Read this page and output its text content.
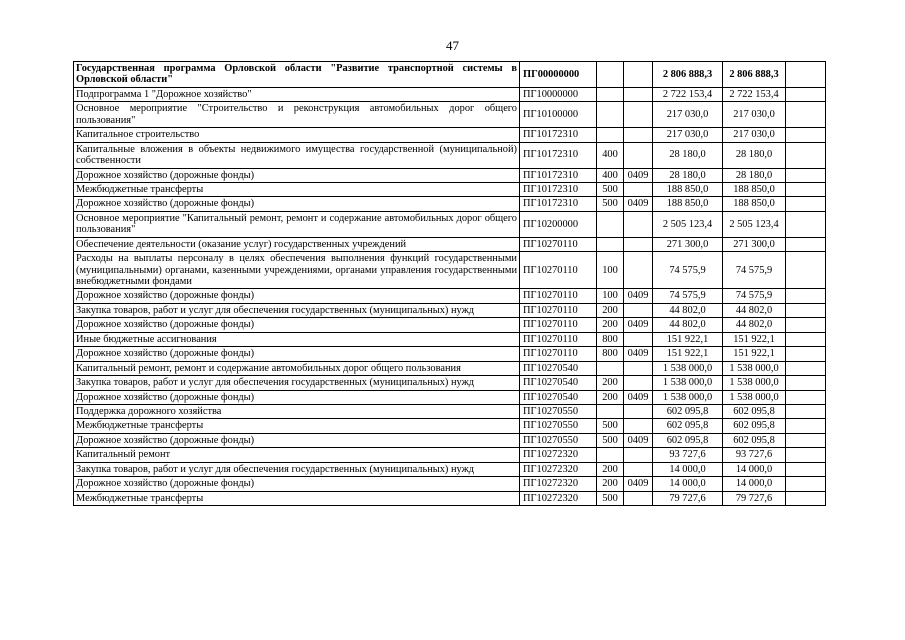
47
Государственная программа Орловской области "Развитие транспортной системы в Орловской области"	ПГ00000000			2 806 888,3	2 806 888,3	
Подпрограмма 1 "Дорожное хозяйство"	ПГ10000000			2 722 153,4	2 722 153,4	
Основное мероприятие "Строительство и реконструкция автомобильных дорог общего пользования"	ПГ10100000			217 030,0	217 030,0	
Капитальное строительство	ПГ10172310			217 030,0	217 030,0	
Капитальные вложения в объекты недвижимого имущества государственной (муниципальной) собственности	ПГ10172310	400		28 180,0	28 180,0	
Дорожное хозяйство (дорожные фонды)	ПГ10172310	400	0409	28 180,0	28 180,0	
Межбюджетные трансферты	ПГ10172310	500		188 850,0	188 850,0	
Дорожное хозяйство (дорожные фонды)	ПГ10172310	500	0409	188 850,0	188 850,0	
Основное мероприятие "Капитальный ремонт, ремонт и содержание автомобильных дорог общего пользования"	ПГ10200000			2 505 123,4	2 505 123,4	
Обеспечение деятельности (оказание услуг) государственных учреждений	ПГ10270110			271 300,0	271 300,0	
Расходы на выплаты персоналу в целях обеспечения выполнения функций государственными (муниципальными) органами, казенными учреждениями, органами управления государственными внебюджетными фондами	ПГ10270110	100		74 575,9	74 575,9	
Дорожное хозяйство (дорожные фонды)	ПГ10270110	100	0409	74 575,9	74 575,9	
Закупка товаров, работ и услуг для обеспечения государственных (муниципальных) нужд	ПГ10270110	200		44 802,0	44 802,0	
Дорожное хозяйство (дорожные фонды)	ПГ10270110	200	0409	44 802,0	44 802,0	
Иные бюджетные ассигнования	ПГ10270110	800		151 922,1	151 922,1	
Дорожное хозяйство (дорожные фонды)	ПГ10270110	800	0409	151 922,1	151 922,1	
Капитальный ремонт, ремонт и содержание автомобильных дорог общего пользования	ПГ10270540			1 538 000,0	1 538 000,0	
Закупка товаров, работ и услуг для обеспечения государственных (муниципальных) нужд	ПГ10270540	200		1 538 000,0	1 538 000,0	
Дорожное хозяйство (дорожные фонды)	ПГ10270540	200	0409	1 538 000,0	1 538 000,0	
Поддержка дорожного хозяйства	ПГ10270550			602 095,8	602 095,8	
Межбюджетные трансферты	ПГ10270550	500		602 095,8	602 095,8	
Дорожное хозяйство (дорожные фонды)	ПГ10270550	500	0409	602 095,8	602 095,8	
Капитальный ремонт	ПГ10272320			93 727,6	93 727,6	
Закупка товаров, работ и услуг для обеспечения государственных (муниципальных) нужд	ПГ10272320	200		14 000,0	14 000,0	
Дорожное хозяйство (дорожные фонды)	ПГ10272320	200	0409	14 000,0	14 000,0	
Межбюджетные трансферты	ПГ10272320	500		79 727,6	79 727,6	
